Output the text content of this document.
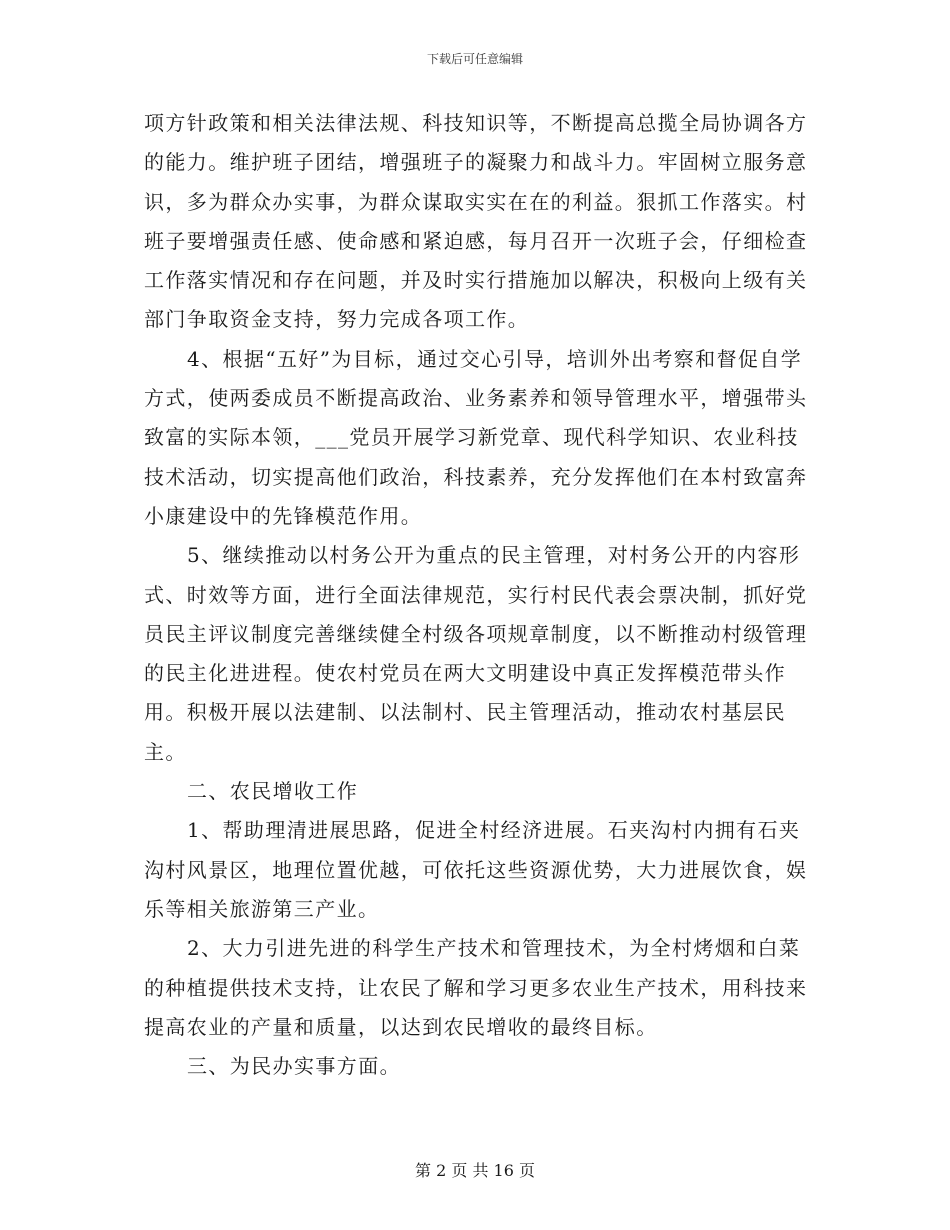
下载后可任意编辑

项方针政策和相关法律法规、科技知识等，不断提高总揽全局协调各方的能力。维护班子团结，增强班子的凝聚力和战斗力。牢固树立服务意识，多为群众办实事，为群众谋取实实在在的利益。狠抓工作落实。村班子要增强责任感、使命感和紧迫感，每月召开一次班子会，仔细检查工作落实情况和存在问题，并及时实行措施加以解决，积极向上级有关部门争取资金支持，努力完成各项工作。

4、根据“五好”为目标，通过交心引导，培训外出考察和督促自学方式，使两委成员不断提高政治、业务素养和领导管理水平，增强带头致富的实际本领，___党员开展学习新党章、现代科学知识、农业科技技术活动，切实提高他们政治，科技素养，充分发挥他们在本村致富奔小康建设中的先锋模范作用。

5、继续推动以村务公开为重点的民主管理，对村务公开的内容形式、时效等方面，进行全面法律规范，实行村民代表会票决制，抓好党员民主评议制度完善继续健全村级各项规章制度，以不断推动村级管理的民主化进进程。使农村党员在两大文明建设中真正发挥模范带头作用。积极开展以法建制、以法制村、民主管理活动，推动农村基层民主。

二、农民增收工作

1、帮助理清进展思路，促进全村经济进展。石夹沟村内拥有石夹沟村风景区，地理位置优越，可依托这些资源优势，大力进展饮食，娱乐等相关旅游第三产业。

2、大力引进先进的科学生产技术和管理技术，为全村烤烟和白菜的种植提供技术支持，让农民了解和学习更多农业生产技术，用科技来提高农业的产量和质量，以达到农民增收的最终目标。

三、为民办实事方面。

第 2 页 共 16 页
